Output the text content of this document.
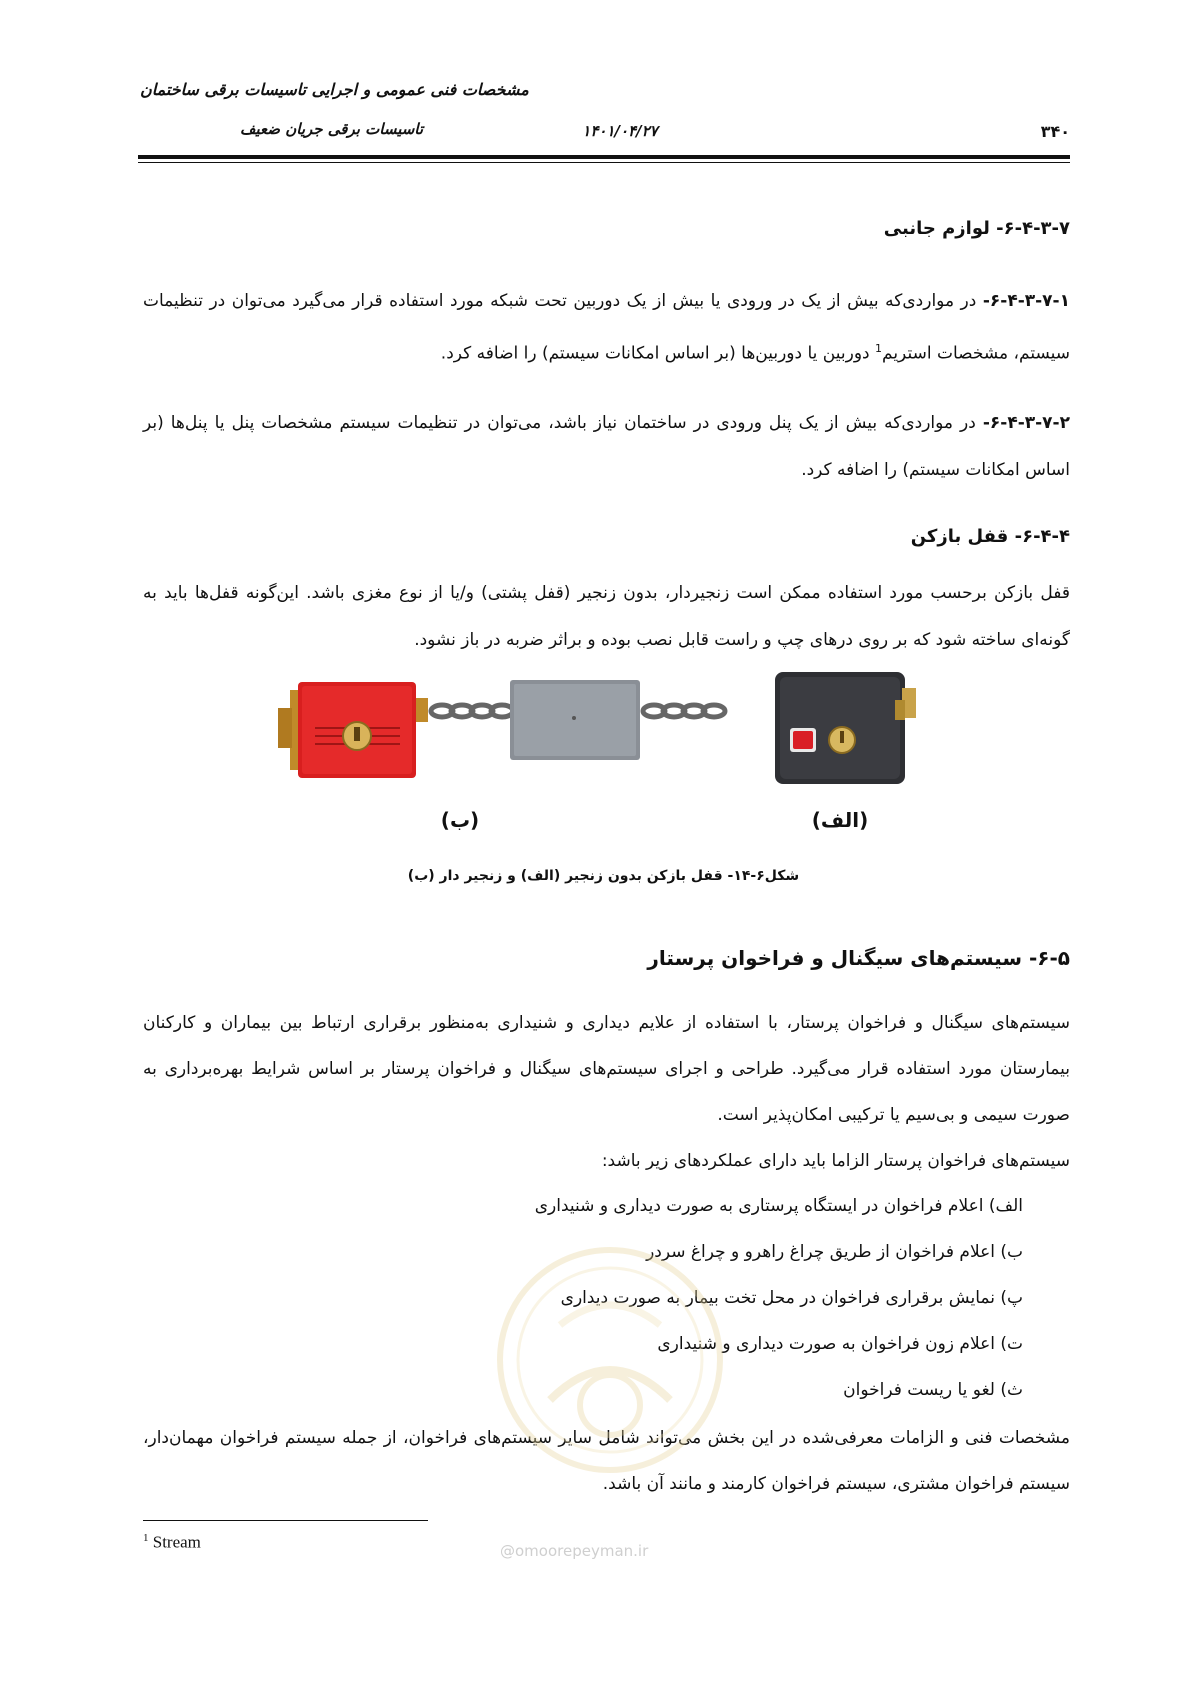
مشخصات فنی عمومی و اجرایی تاسیسات برقی ساختمان
تاسیسات برقی جریان ضعیف	۱۴۰۱/۰۴/۲۷	۳۴۰
۶-۴-۳-۷- لوازم جانبی

۶-۴-۳-۷-۱- در مواردی‌که بیش از یک در ورودی یا بیش از یک دوربین تحت شبکه مورد استفاده قرار می‌گیرد می‌توان در تنظیمات سیستم، مشخصات استریم$^1$ دوربین یا دوربین‌ها (بر اساس امکانات سیستم) را اضافه کرد.

۶-۴-۳-۷-۲- در مواردی‌که بیش از یک پنل ورودی در ساختمان نیاز باشد، می‌توان در تنظیمات سیستم مشخصات پنل یا پنل‌ها (بر اساس امکانات سیستم) را اضافه کرد.

۶-۴-۴- قفل بازکن

قفل بازکن برحسب مورد استفاده ممکن است زنجیردار، بدون زنجیر (قفل پشتی) و/یا از نوع مغزی باشد. این‌گونه قفل‌ها باید به گونه‌ای ساخته شود که بر روی درهای چپ و راست قابل نصب بوده و براثر ضربه در باز نشود.

(ب)	(الف)
شکل۶-۱۴- قفل بازکن بدون زنجیر (الف) و زنجیر دار (ب)
۶-۵- سیستم‌های سیگنال و فراخوان پرستار

سیستم‌های سیگنال و فراخوان پرستار، با استفاده از علایم دیداری و شنیداری به‌منظور برقراری ارتباط بین بیماران و کارکنان بیمارستان مورد استفاده قرار می‌گیرد. طراحی و اجرای سیستم‌های سیگنال و فراخوان پرستار بر اساس شرایط بهره‌برداری به صورت سیمی و بی‌سیم یا ترکیبی امکان‌پذیر است.

سیستم‌های فراخوان پرستار الزاما باید دارای عملکردهای زیر باشد:

الف) اعلام فراخوان در ایستگاه پرستاری به صورت دیداری و شنیداری
ب) اعلام فراخوان از طریق چراغ راهرو و چراغ سردر
پ) نمایش برقراری فراخوان در محل تخت بیمار به صورت دیداری
ت) اعلام زون فراخوان به صورت دیداری و شنیداری
ث) لغو یا ریست فراخوان

مشخصات فنی و الزامات معرفی‌شده در این بخش می‌تواند شامل سایر سیستم‌های فراخوان، از جمله سیستم فراخوان مهمان‌دار، سیستم فراخوان مشتری، سیستم فراخوان کارمند و مانند آن باشد.

@omoorepeyman.ir
$^1$ Stream
